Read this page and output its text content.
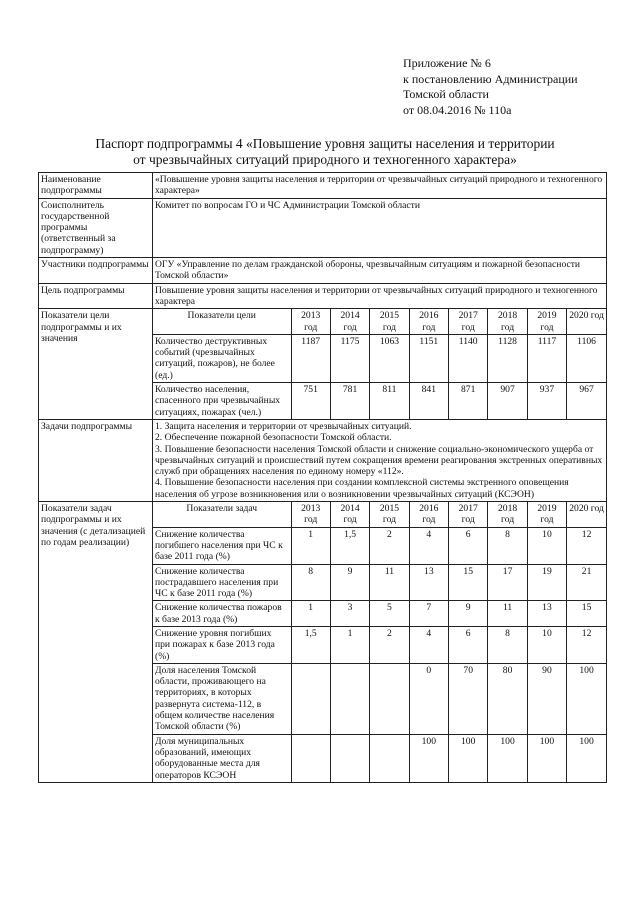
Приложение № 6
к постановлению Администрации
Томской области
от 08.04.2016 № 110а
Паспорт подпрограммы 4 «Повышение уровня защиты населения и территории
от чрезвычайных ситуаций природного и техногенного характера»
Наименование подпрограммы	«Повышение уровня защиты населения и территории от чрезвычайных ситуаций природного и техногенного характера»
Соисполнитель государственной программы (ответственный за подпрограмму)	Комитет по вопросам ГО и ЧС Администрации Томской области
Участники подпрограммы	ОГУ «Управление по делам гражданской обороны, чрезвычайным ситуациям и пожарной безопасности Томской области»
Цель подпрограммы	Повышение уровня защиты населения и территории от чрезвычайных ситуаций природного и техногенного характера
Показатели цели подпрограммы и их значения	
Показатели цели	2013 год	2014 год	2015 год	2016 год	2017 год	2018 год	2019 год	2020 год
Количество деструктивных событий (чрезвычайных ситуаций, пожаров), не более (ед.)	1187	1175	1063	1151	1140	1128	1117	1106
Количество населения, спасенного при чрезвычайных ситуациях, пожарах (чел.)	751	781	811	841	871	907	937	967

Задачи подпрограммы	1. Защита населения и территории от чрезвычайных ситуаций.
2. Обеспечение пожарной безопасности Томской области.
3. Повышение безопасности населения Томской области и снижение социально-экономического ущерба от чрезвычайных ситуаций и происшествий путем сокращения времени реагирования экстренных оперативных служб при обращениях населения по единому номеру «112».
4. Повышение безопасности населения при создании комплексной системы экстренного оповещения населения об угрозе возникновения или о возникновении чрезвычайных ситуаций (КСЭОН)

Показатели задач подпрограммы и их значения (с детализацией по годам реализации)	
Показатели задач	2013 год	2014 год	2015 год	2016 год	2017 год	2018 год	2019 год	2020 год
Снижение количества погибшего населения при ЧС к базе 2011 года (%)	1	1,5	2	4	6	8	10	12
Снижение количества пострадавшего населения при ЧС к базе 2011 года (%)	8	9	11	13	15	17	19	21
Снижение количества пожаров к базе 2013 года (%)	1	3	5	7	9	11	13	15
Снижение уровня погибших при пожарах к базе 2013 года (%)	1,5	1	2	4	6	8	10	12
Доля населения Томской области, проживающего на территориях, в которых развернута система-112, в общем количестве населения Томской области (%)				0	70	80	90	100
Доля муниципальных образований, имеющих оборудованные места для операторов КСЭОН				100	100	100	100	100
